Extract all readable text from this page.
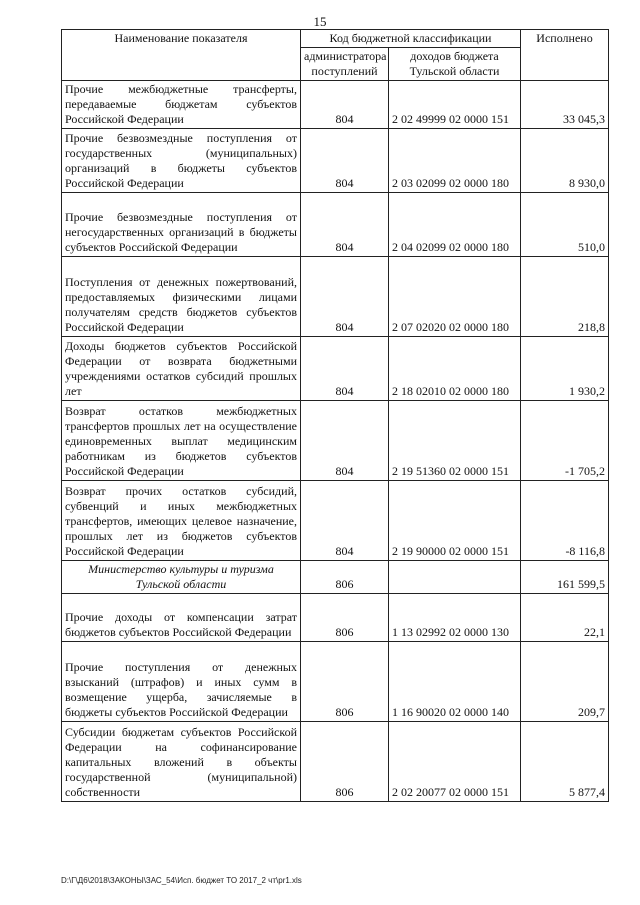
15
Наименование показателя	Код бюджетной классификации		Исполнено
	администратора поступлений	доходов бюджета Тульской области	
Прочие межбюджетные трансферты, передаваемые бюджетам субъектов Российской Федерации	804	2 02 49999 02 0000 151	33 045,3
Прочие безвозмездные поступления от государственных (муниципальных) организаций в бюджеты субъектов Российской Федерации	804	2 03 02099 02 0000 180	8 930,0
Прочие безвозмездные поступления от негосударственных организаций в бюджеты субъектов Российской Федерации	804	2 04 02099 02 0000 180	510,0
Поступления от денежных пожертвований, предоставляемых физическими лицами получателям средств бюджетов субъектов Российской Федерации	804	2 07 02020 02 0000 180	218,8
Доходы бюджетов субъектов Российской Федерации от возврата бюджетными учреждениями остатков субсидий прошлых лет	804	2 18 02010 02 0000 180	1 930,2
Возврат остатков межбюджетных трансфертов прошлых лет на осуществление единовременных выплат медицинским работникам из бюджетов субъектов Российской Федерации	804	2 19 51360 02 0000 151	-1 705,2
Возврат прочих остатков субсидий, субвенций и иных межбюджетных трансфертов, имеющих целевое назначение, прошлых лет из бюджетов субъектов Российской Федерации	804	2 19 90000 02 0000 151	-8 116,8
Министерство культуры и туризма Тульской области	806		161 599,5
Прочие доходы от компенсации затрат бюджетов субъектов Российской Федерации	806	1 13 02992 02 0000 130	22,1
Прочие поступления от денежных взысканий (штрафов) и иных сумм в возмещение ущерба, зачисляемые в бюджеты субъектов Российской Федерации	806	1 16 90020 02 0000 140	209,7
Субсидии бюджетам субъектов Российской Федерации на софинансирование капитальных вложений в объекты государственной (муниципальной) собственности	806	2 02 20077 02 0000 151	5 877,4
D:\Г\Д6\2018\ЗАКОНЫ\ЗАС_54\Исп. бюджет ТО 2017_2 чт\pr1.xls
